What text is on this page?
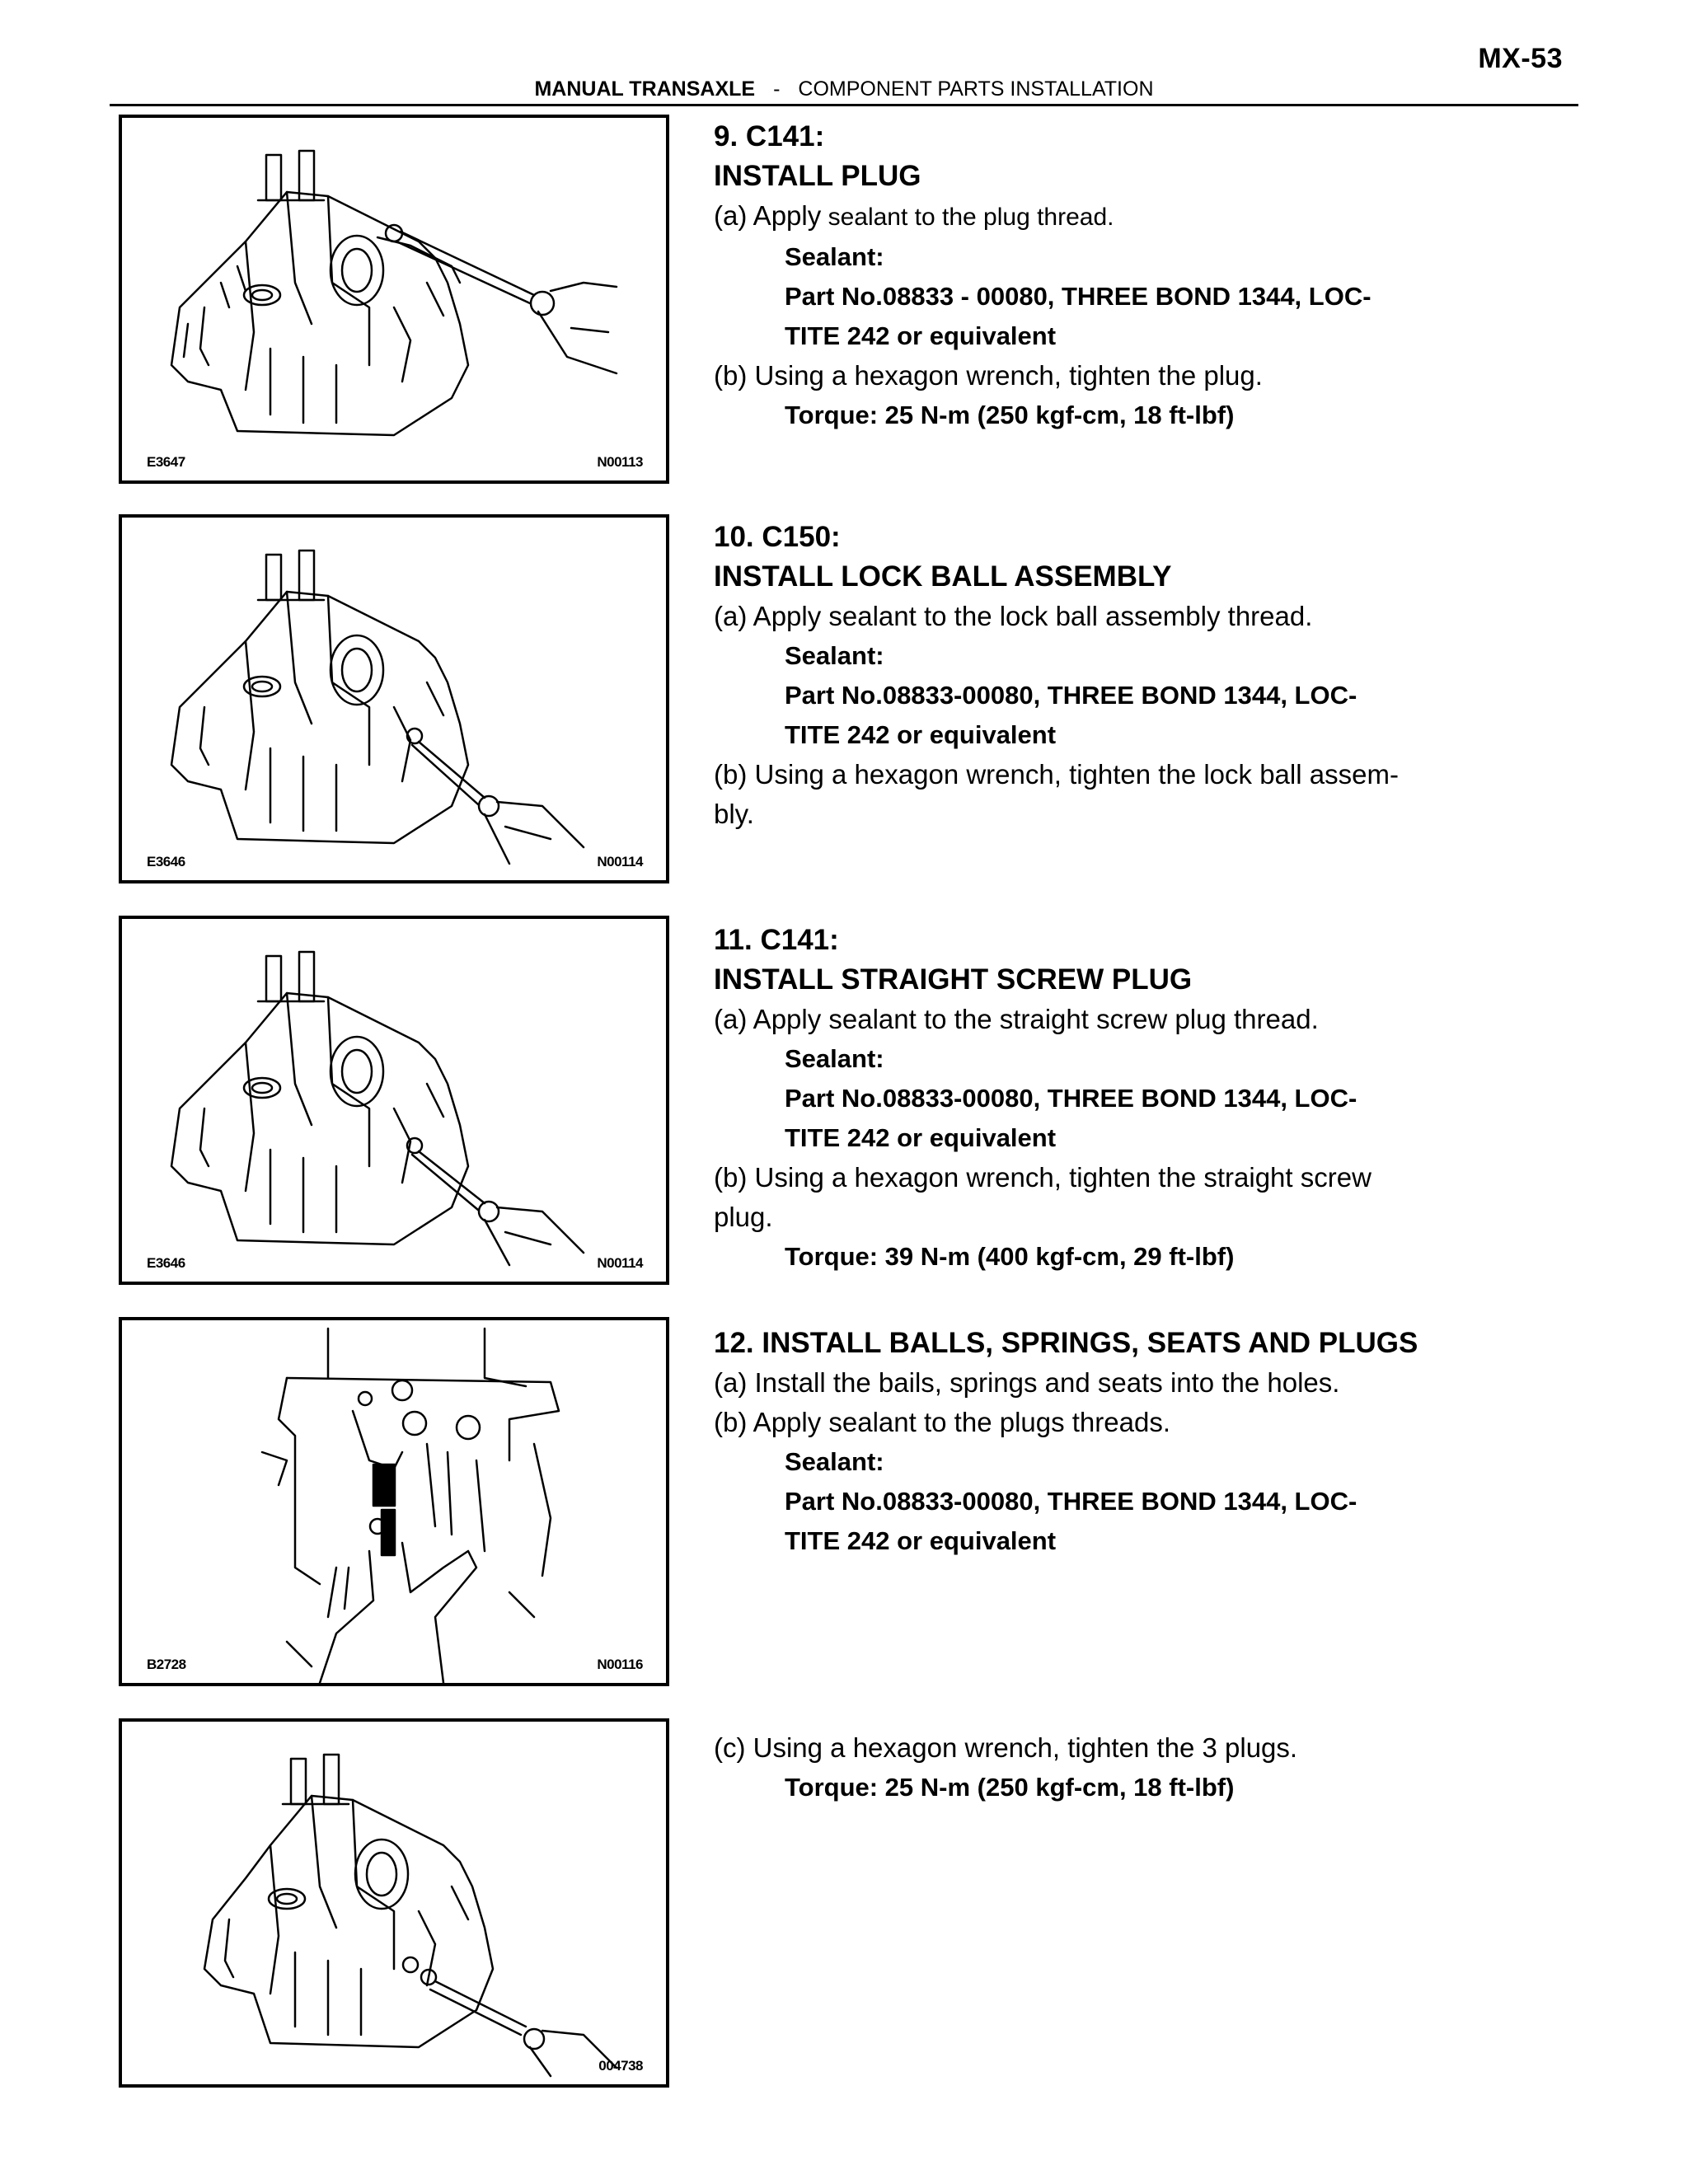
MX-53
MANUAL TRANSAXLE - COMPONENT PARTS INSTALLATION
E3647	N00113
E3646	N00114
E3646	N00114
B2728	N00116
004738
9. C141:
INSTALL PLUG
(a) Apply sealant to the plug thread.
Sealant:
Part No.08833 - 00080, THREE BOND 1344, LOC-
TITE 242 or equivalent
(b) Using a hexagon wrench, tighten the plug.
Torque: 25 N-m (250 kgf-cm, 18 ft-lbf)
10. C150:
INSTALL LOCK BALL ASSEMBLY
(a) Apply sealant to the lock ball assembly thread.
Sealant:
Part No.08833-00080, THREE BOND 1344, LOC-
TITE 242 or equivalent
(b) Using a hexagon wrench, tighten the lock ball assem-
bly.
11. C141:
INSTALL STRAIGHT SCREW PLUG
(a) Apply sealant to the straight screw plug thread.
Sealant:
Part No.08833-00080, THREE BOND 1344, LOC-
TITE 242 or equivalent
(b) Using a hexagon wrench, tighten the straight screw
plug.
Torque: 39 N-m (400 kgf-cm, 29 ft-lbf)
12. INSTALL BALLS, SPRINGS, SEATS AND PLUGS
(a) Install the bails, springs and seats into the holes.
(b) Apply sealant to the plugs threads.
Sealant:
Part No.08833-00080, THREE BOND 1344, LOC-
TITE 242 or equivalent
(c) Using a hexagon wrench, tighten the 3 plugs.
Torque: 25 N-m (250 kgf-cm, 18 ft-lbf)
